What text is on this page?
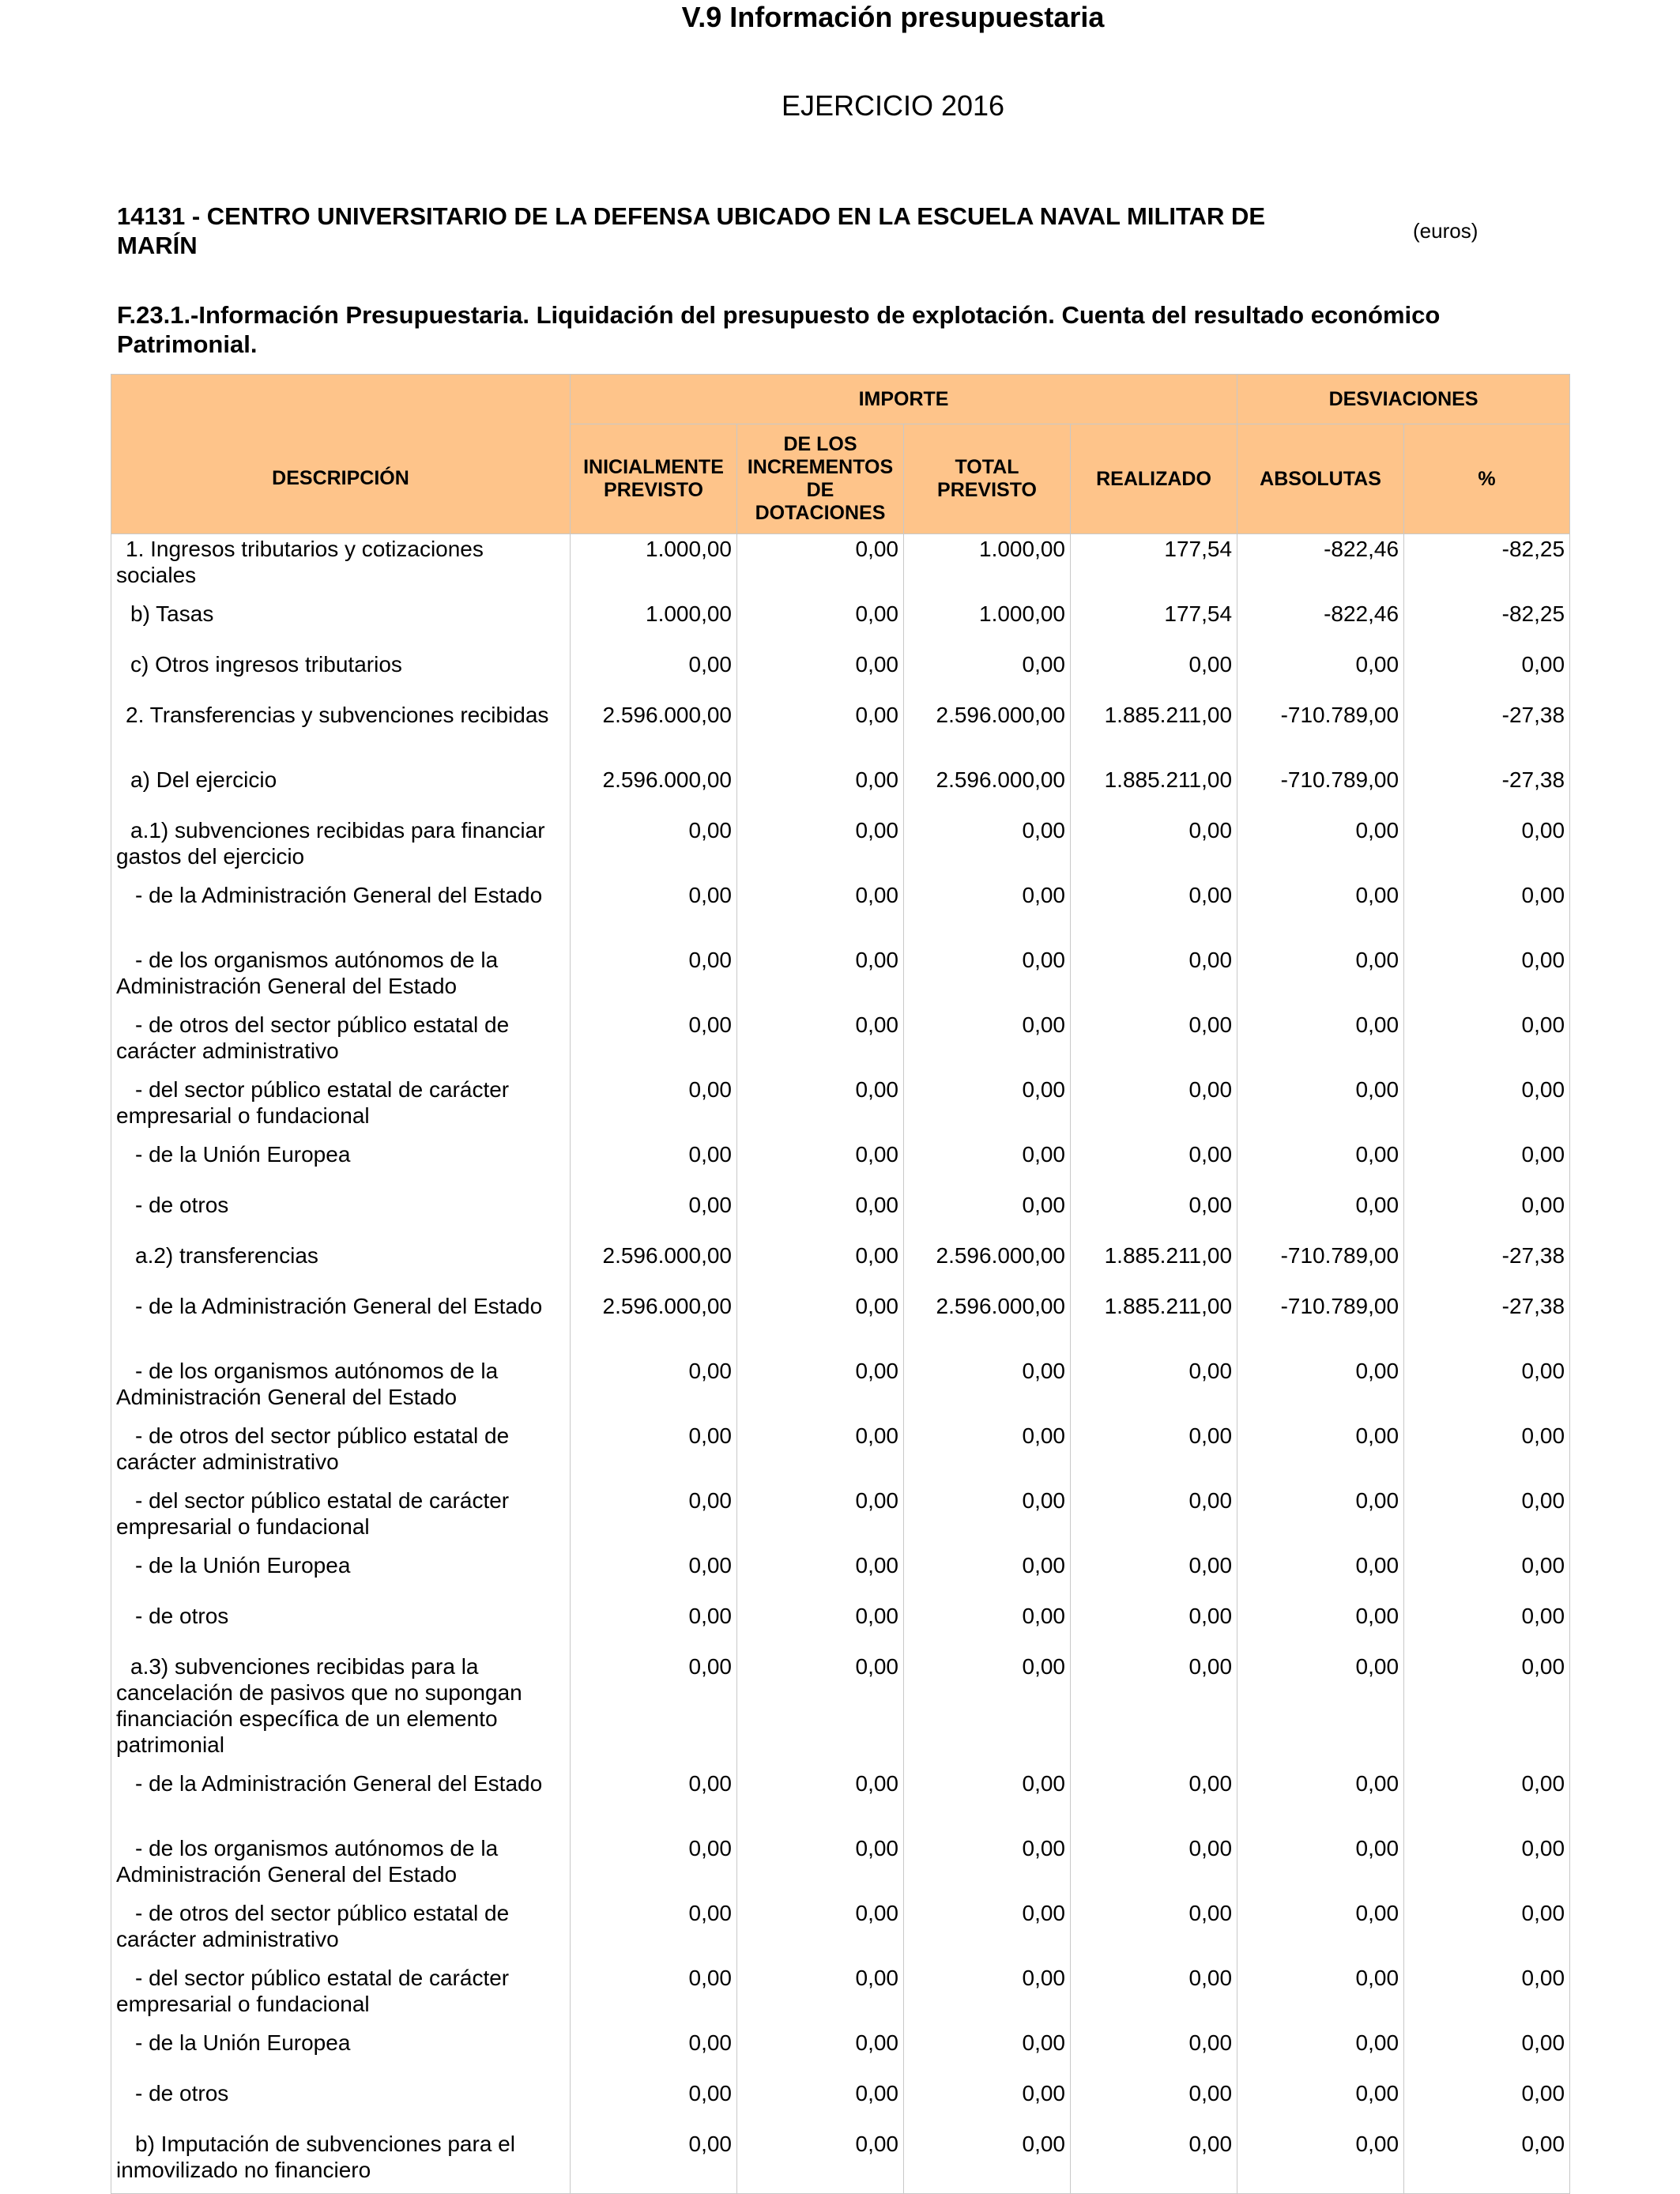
V.9 Información presupuestaria
EJERCICIO 2016
14131 - CENTRO UNIVERSITARIO DE LA DEFENSA UBICADO EN LA ESCUELA NAVAL MILITAR DE MARÍN
(euros)
F.23.1.-Información Presupuestaria. Liquidación del presupuesto de explotación. Cuenta del resultado económico Patrimonial.
DESCRIPCIÓN	IMPORTE				DESVIACIONES	
	INICIALMENTE PREVISTO	DE LOS INCREMENTOS DE DOTACIONES	TOTAL PREVISTO	REALIZADO	ABSOLUTAS	%
1. Ingresos tributarios y cotizaciones sociales	1.000,00	0,00	1.000,00	177,54	-822,46	-82,25
b) Tasas	1.000,00	0,00	1.000,00	177,54	-822,46	-82,25
c) Otros ingresos tributarios	0,00	0,00	0,00	0,00	0,00	0,00
2. Transferencias y subvenciones recibidas	2.596.000,00	0,00	2.596.000,00	1.885.211,00	-710.789,00	-27,38
a) Del ejercicio	2.596.000,00	0,00	2.596.000,00	1.885.211,00	-710.789,00	-27,38
a.1) subvenciones recibidas para financiar gastos del ejercicio	0,00	0,00	0,00	0,00	0,00	0,00
- de la Administración General del Estado	0,00	0,00	0,00	0,00	0,00	0,00
- de los organismos autónomos de la Administración General del Estado	0,00	0,00	0,00	0,00	0,00	0,00
- de otros del sector público estatal de carácter administrativo	0,00	0,00	0,00	0,00	0,00	0,00
- del sector público estatal de carácter empresarial o fundacional	0,00	0,00	0,00	0,00	0,00	0,00
- de la Unión Europea	0,00	0,00	0,00	0,00	0,00	0,00
- de otros	0,00	0,00	0,00	0,00	0,00	0,00
a.2) transferencias	2.596.000,00	0,00	2.596.000,00	1.885.211,00	-710.789,00	-27,38
- de la Administración General del Estado	2.596.000,00	0,00	2.596.000,00	1.885.211,00	-710.789,00	-27,38
- de los organismos autónomos de la Administración General del Estado	0,00	0,00	0,00	0,00	0,00	0,00
- de otros del sector público estatal de carácter administrativo	0,00	0,00	0,00	0,00	0,00	0,00
- del sector público estatal de carácter empresarial o fundacional	0,00	0,00	0,00	0,00	0,00	0,00
- de la Unión Europea	0,00	0,00	0,00	0,00	0,00	0,00
- de otros	0,00	0,00	0,00	0,00	0,00	0,00
a.3) subvenciones recibidas para la cancelación de pasivos que no supongan financiación específica de un elemento patrimonial	0,00	0,00	0,00	0,00	0,00	0,00
- de la Administración General del Estado	0,00	0,00	0,00	0,00	0,00	0,00
- de los organismos autónomos de la Administración General del Estado	0,00	0,00	0,00	0,00	0,00	0,00
- de otros del sector público estatal de carácter administrativo	0,00	0,00	0,00	0,00	0,00	0,00
- del sector público estatal de carácter empresarial o fundacional	0,00	0,00	0,00	0,00	0,00	0,00
- de la Unión Europea	0,00	0,00	0,00	0,00	0,00	0,00
- de otros	0,00	0,00	0,00	0,00	0,00	0,00
b) Imputación de subvenciones para el inmovilizado no financiero	0,00	0,00	0,00	0,00	0,00	0,00
